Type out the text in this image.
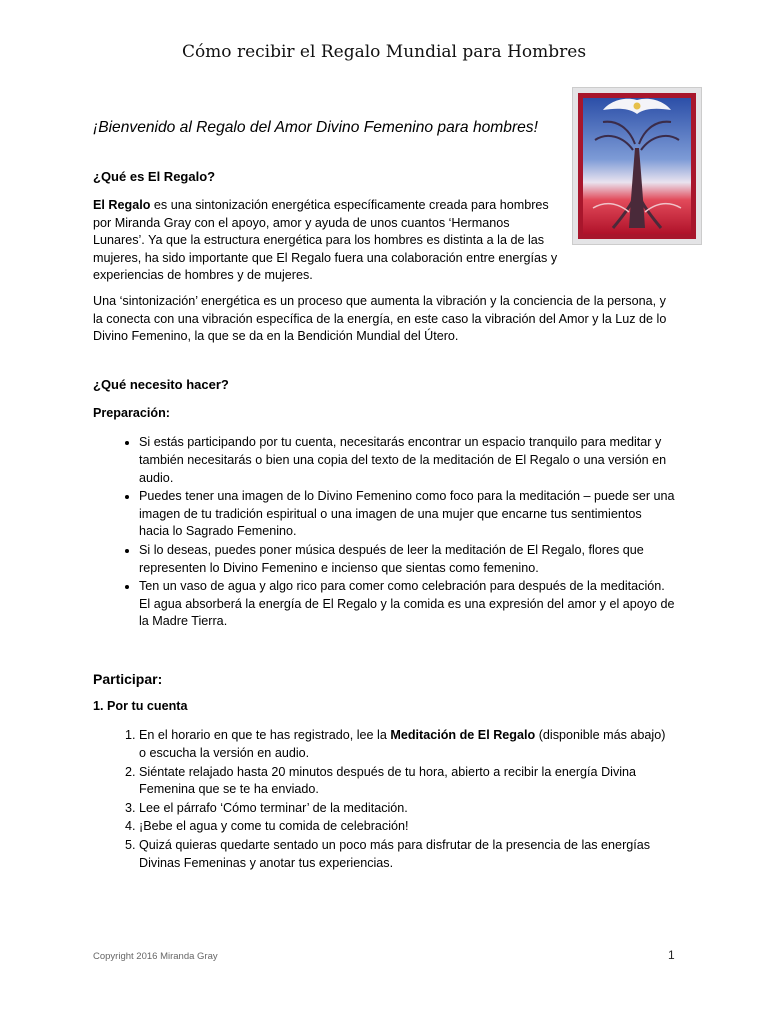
Cómo recibir el Regalo Mundial para Hombres
¡Bienvenido al Regalo del Amor Divino Femenino para hombres!
¿Qué es El Regalo?

El Regalo es una sintonización energética específicamente creada para hombres por Miranda Gray con el apoyo, amor y ayuda de unos cuantos ‘Hermanos Lunares’. Ya que la estructura energética para los hombres es distinta a la de las mujeres, ha sido importante que El Regalo fuera una colaboración entre energías y experiencias de hombres y de mujeres.

Una ‘sintonización’ energética es un proceso que aumenta la vibración y la conciencia de la persona, y la conecta con una vibración específica de la energía, en este caso la vibración del Amor y la Luz de lo Divino Femenino, la que se da en la Bendición Mundial del Útero.

¿Qué necesito hacer?
Preparación:
• Si estás participando por tu cuenta, necesitarás encontrar un espacio tranquilo para meditar y también necesitarás o bien una copia del texto de la meditación de El Regalo o una versión en audio.
• Puedes tener una imagen de lo Divino Femenino como foco para la meditación – puede ser una imagen de tu tradición espiritual o una imagen de una mujer que encarne tus sentimientos hacia lo Sagrado Femenino.
• Si lo deseas, puedes poner música después de leer la meditación de El Regalo, flores que representen lo Divino Femenino e incienso que sientas como femenino.
• Ten un vaso de agua y algo rico para comer como celebración para después de la meditación. El agua absorberá la energía de El Regalo y la comida es una expresión del amor y el apoyo de la Madre Tierra.
Participar:
1. Por tu cuenta
1. En el horario en que te has registrado, lee la Meditación de El Regalo (disponible más abajo) o escucha la versión en audio.
2. Siéntate relajado hasta 20 minutos después de tu hora, abierto a recibir la energía Divina Femenina que se te ha enviado.
3. Lee el párrafo ‘Cómo terminar’ de la meditación.
4. ¡Bebe el agua y come tu comida de celebración!
5. Quizá quieras quedarte sentado un poco más para disfrutar de la presencia de las energías Divinas Femeninas y anotar tus experiencias.
Copyright 2016 Miranda Gray	1
